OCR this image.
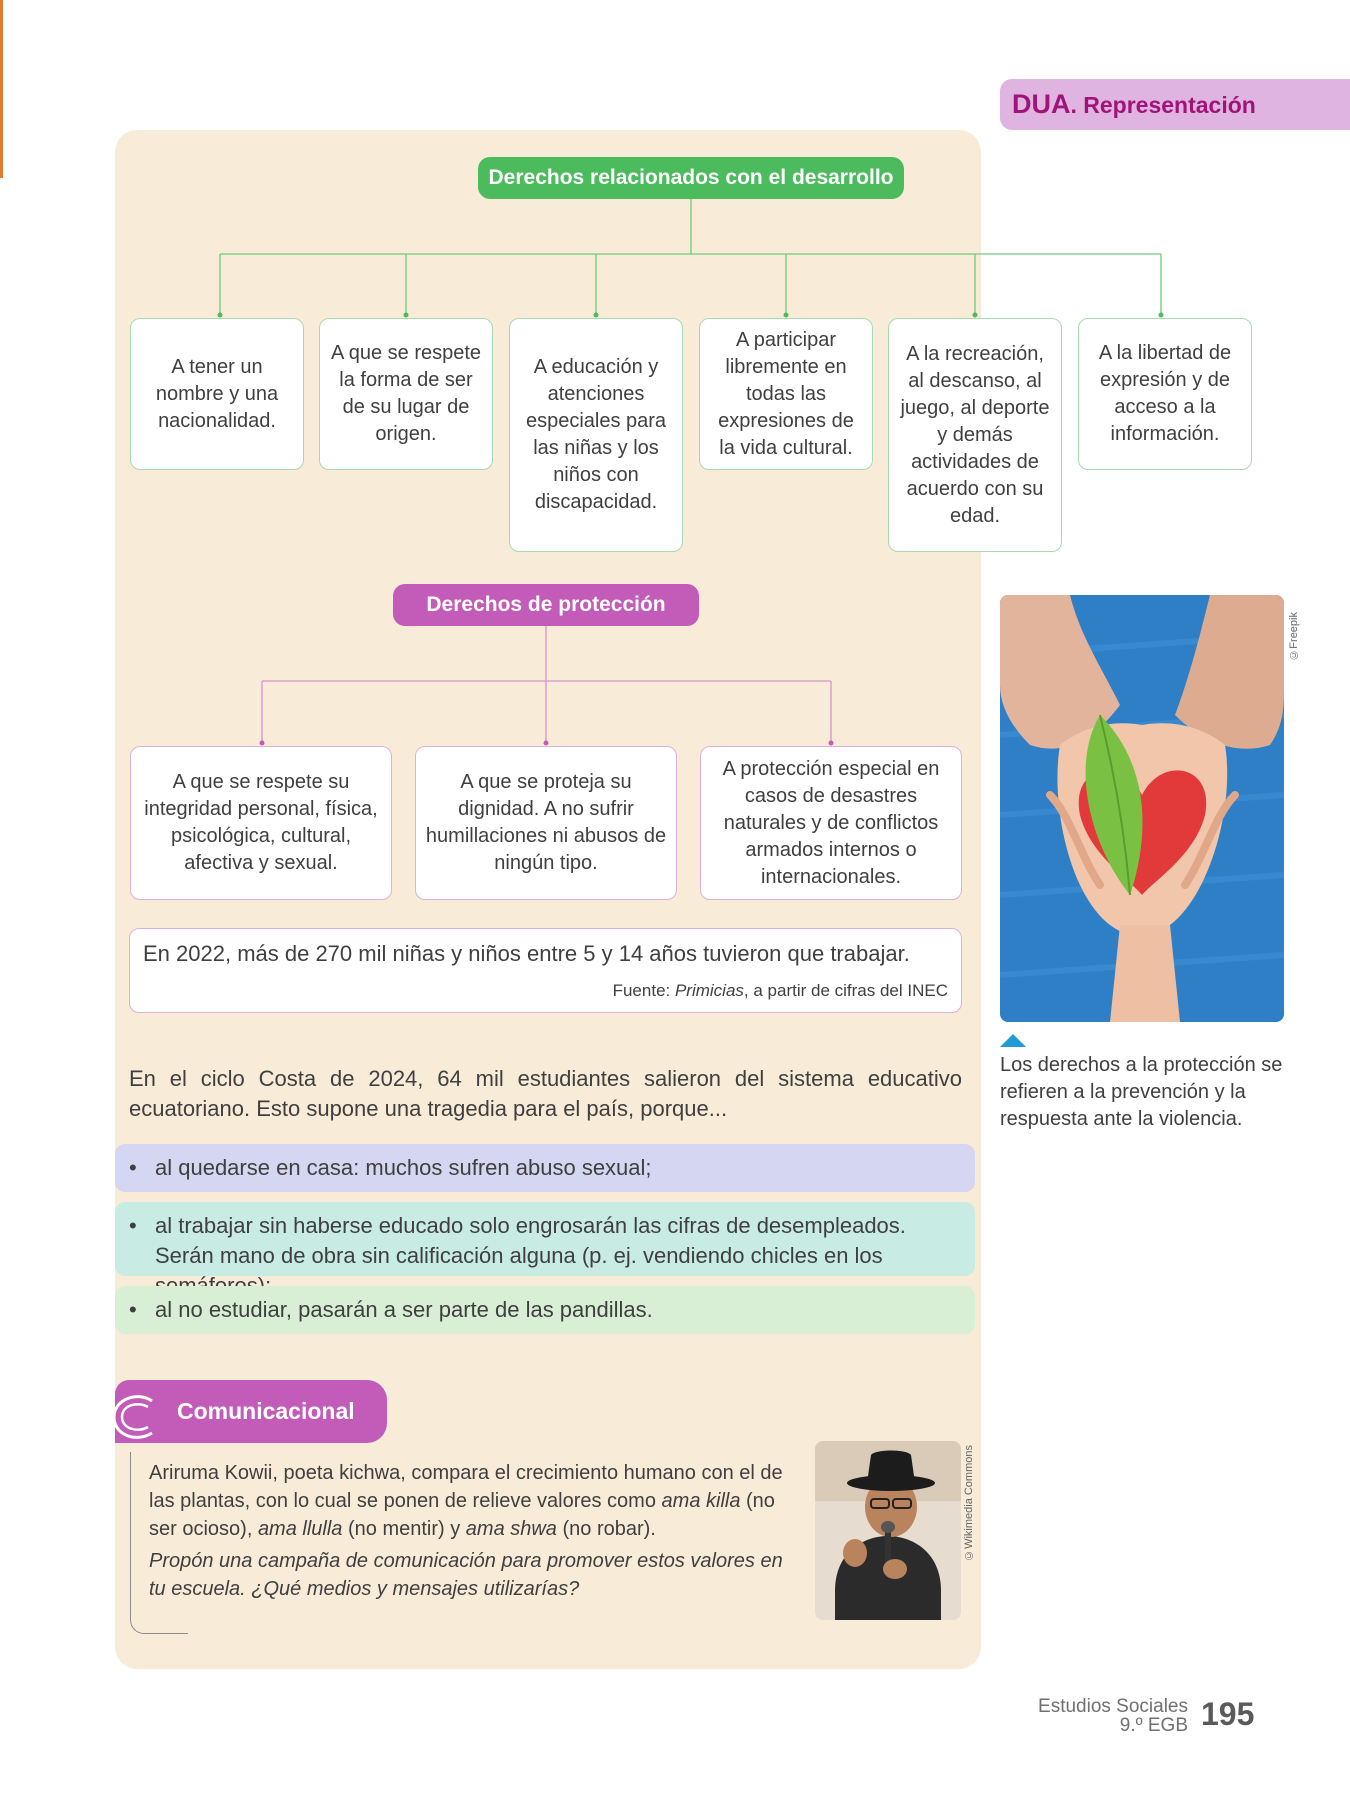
DUA. Representación
Derechos relacionados con el desarrollo
A tener un nombre y una nacionalidad.
A que se respete la forma de ser de su lugar de origen.
A educación y atenciones especiales para las niñas y los niños con discapacidad.
A participar libremente en todas las expresiones de la vida cultural.
A la recreación, al descanso, al juego, al deporte y demás actividades de acuerdo con su edad.
A la libertad de expresión y de acceso a la información.
Derechos de protección
A que se respete su integridad personal, física, psicológica, cultural, afectiva y sexual.
A que se proteja su dignidad. A no sufrir humillaciones ni abusos de ningún tipo.
A protección especial en casos de desastres naturales y de conflictos armados internos o internacionales.
En 2022, más de 270 mil niñas y niños entre 5 y 14 años tuvieron que trabajar.
Fuente: Primicias, a partir de cifras del INEC
En el ciclo Costa de 2024, 64 mil estudiantes salieron del sistema educativo ecuatoriano. Esto supone una tragedia para el país, porque...
• al quedarse en casa: muchos sufren abuso sexual;
• al trabajar sin haberse educado solo engrosarán las cifras de desempleados. Serán mano de obra sin calificación alguna (p. ej. vendiendo chicles en los
• al no estudiar, pasarán a ser parte de las pandillas.
Comunicacional

Ariruma Kowii, poeta kichwa, compara el crecimiento humano con el de las plantas, con lo cual se ponen de relieve valores como ama killa (no ser ocioso), ama llulla (no mentir) y ama shwa (no robar).

Propón una campaña de comunicación para promover estos valores en tu escuela. ¿Qué medios y mensajes utilizarías?

©Freepik
Los derechos a la protección se refieren a la prevención y la respuesta ante la violencia.
©Wikimedia Commons
Estudios Sociales
9.º EGB 195
